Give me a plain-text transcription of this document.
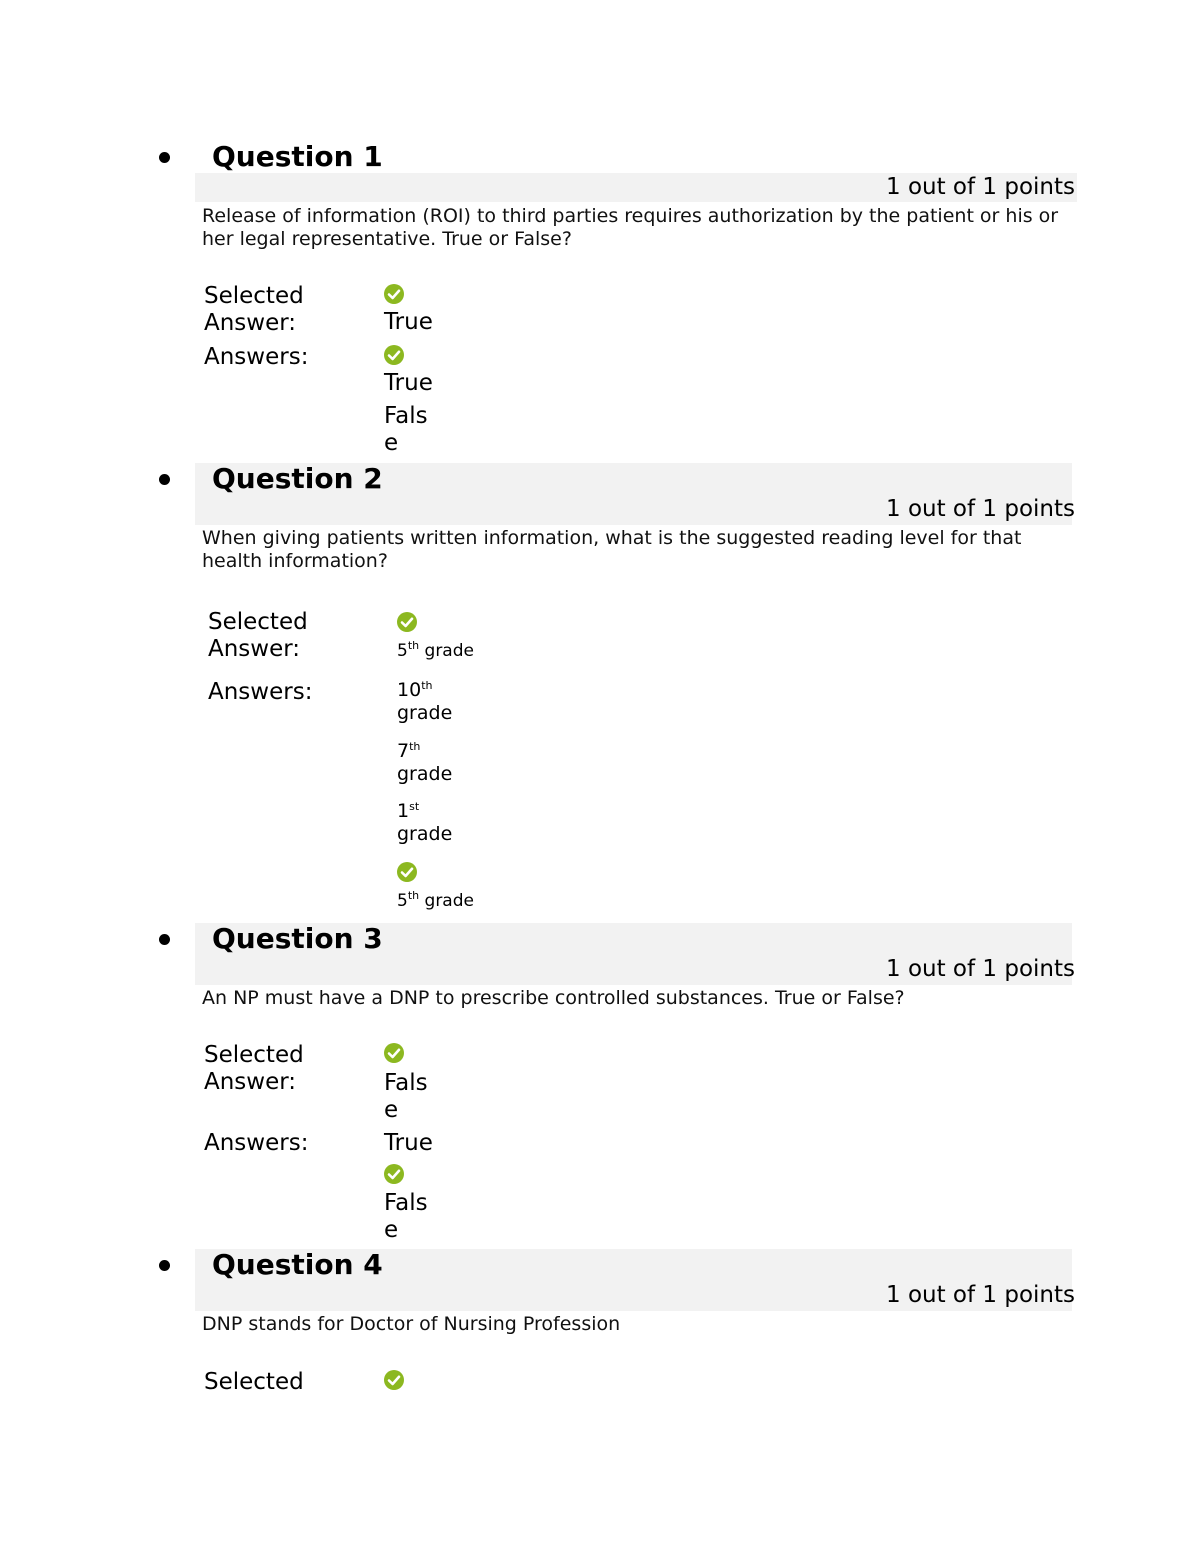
Question 1
1 out of 1 points
Release of information (ROI) to third parties requires authorization by the patient or his or her legal representative. True or False?
Selected Answer:	True
Answers:
True
False
Question 2
1 out of 1 points
When giving patients written information, what is the suggested reading level for that health information?
Selected Answer:	5th grade
Answers:	10th grade
7th grade
1st grade
5th grade
Question 3
1 out of 1 points
An NP must have a DNP to prescribe controlled substances. True or False?
Selected Answer:	False
Answers:	True
False
Question 4
1 out of 1 points
DNP stands for Doctor of Nursing Profession
Selected
